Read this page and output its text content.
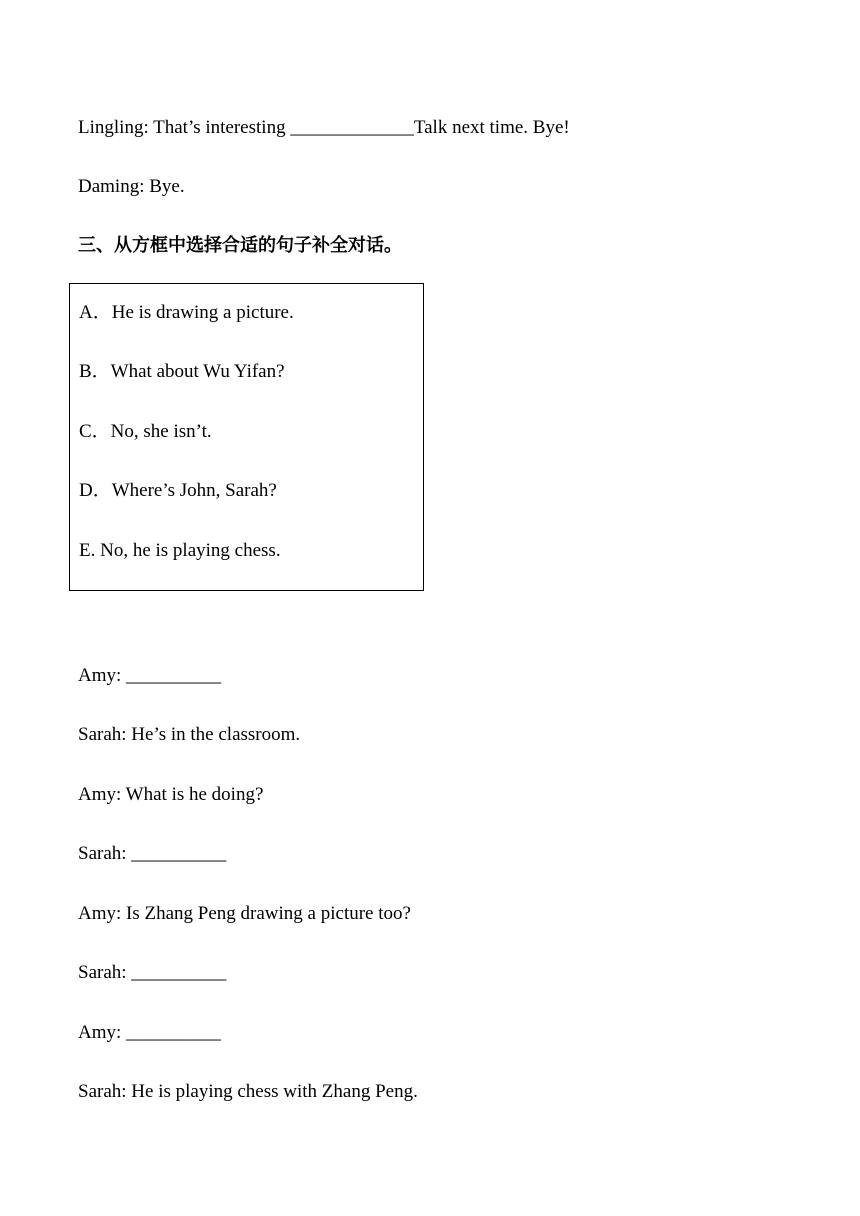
Lingling: That’s interesting _____________Talk next time. Bye!
Daming: Bye.
三、从方框中选择合适的句子补全对话。
A．He is drawing a picture.
B．What about Wu Yifan?
C．No, she isn’t.
D．Where’s John, Sarah?
E. No, he is playing chess.
Amy: __________
Sarah: He’s in the classroom.
Amy: What is he doing?
Sarah: __________
Amy: Is Zhang Peng drawing a picture too?
Sarah: __________
Amy: __________
Sarah: He is playing chess with Zhang Peng.
